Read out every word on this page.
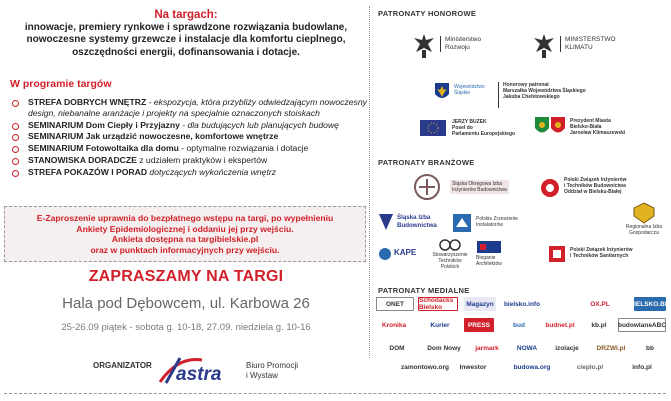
Na targach:
innowacje, premiery rynkowe i sprawdzone rozwiązania budowlane,
nowoczesne systemy grzewcze i instalacje dla komfortu cieplnego,
oszczędności energii, dofinansowania i dotacje.
W programie targów
STREFA DOBRYCH WNĘTRZ - ekspozycja, która przybliży odwiedzającym nowoczesny design, niebanalne aranżacje i projekty na specjalnie oznaczonych stoiskach
SEMINARIUM Dom Ciepły i Przyjazny - dla budujących lub planujących budowę
SEMINARIUM Jak urządzić nowoczesne, komfortowe wnętrze
SEMINARIUM Fotowoltaika dla domu - optymalne rozwiązania i dotacje
STANOWISKA DORADCZE z udziałem praktyków i ekspertów
STREFA POKAZÓW I PORAD dotyczących wykończenia wnętrz
E-Zaproszenie uprawnia do bezpłatnego wstępu na targi, po wypełnieniu
Ankiety Epidemiologicznej i oddaniu jej przy wejściu.
Ankieta dostępna na targibielskie.pl
oraz w punktach informacyjnych przy wejściu.
ZAPRASZAMY NA TARGI
Hala pod Dębowcem, ul. Karbowa 26
25-26.09 piątek - sobota g. 10-18, 27.09. niedziela g. 10-16
ORGANIZATOR astra	Biuro Promocji
i Wystaw
PATRONATY HONOROWE
Ministerstwo
Rozwoju
MINISTERSTWO
KLIMATU
Województwo
Śląskie
Honorowy patronat
Marszałka Województwa Śląskiego
Jakuba Chełstowskiego
JERZY BUZEK
Poseł do
Parlamentu Europejskiego
Prezydent Miasta
Bielsko-Biała
Jarosław Klimaszewski
PATRONATY BRANŻOWE
Śląska Okręgowa Izba
Inżynierów Budownictwa
Polski Związek Inżynierów
i Techników Budownictwa
Oddział w Bielsku-Białej
Śląska Izba
Budownictwa
Polskie Zrzeszenie
Instalatorów	Regionalna Izba
Gospodarcza
KAPE	Stowarzyszenie
Techników Polskich
Bieganie
Architektów
Polski Związek Inżynierów
i Techników Sanitarnych
PATRONATY MEDIALNE
ONET	Schodacks Bielsko	Magazyn	bielsko.info	OX.PL	BIELSKO.BIZ
Kronika	Kurier	PRESS	bud	budnet.pl	kb.pl	budowlaneABC
DOM	Dom Nowy	jarmark	NOWA	izolacje	DRZWI.pl	bb
zamontowo.org	Inwestor	budowa.org	cieplo.pl	info.pl
